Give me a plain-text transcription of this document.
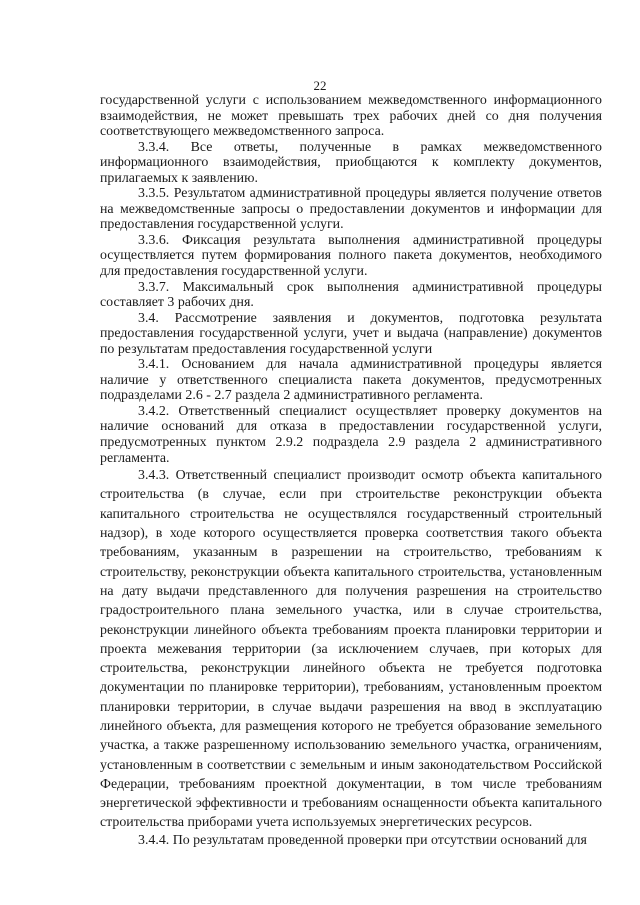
22

государственной услуги с использованием межведомственного информационного взаимодействия, не может превышать трех рабочих дней со дня получения соответствующего межведомственного запроса.

3.3.4. Все ответы, полученные в рамках межведомственного информационного взаимодействия, приобщаются к комплекту документов, прилагаемых к заявлению.

3.3.5. Результатом административной процедуры является получение ответов на межведомственные запросы о предоставлении документов и информации для предоставления государственной услуги.

3.3.6. Фиксация результата выполнения административной процедуры осуществляется путем формирования полного пакета документов, необходимого для предоставления государственной услуги.

3.3.7. Максимальный срок выполнения административной процедуры составляет 3 рабочих дня.

3.4. Рассмотрение заявления и документов, подготовка результата предоставления государственной услуги, учет и выдача (направление) документов по результатам предоставления государственной услуги

3.4.1. Основанием для начала административной процедуры является наличие у ответственного специалиста пакета документов, предусмотренных подразделами 2.6 - 2.7 раздела 2 административного регламента.

3.4.2. Ответственный специалист осуществляет проверку документов на наличие оснований для отказа в предоставлении государственной услуги, предусмотренных пунктом 2.9.2 подраздела 2.9 раздела 2 административного регламента.

3.4.3. Ответственный специалист производит осмотр объекта капитального строительства (в случае, если при строительстве реконструкции объекта капитального строительства не осуществлялся государственный строительный надзор), в ходе которого осуществляется проверка соответствия такого объекта требованиям, указанным в разрешении на строительство, требованиям к строительству, реконструкции объекта капитального строительства, установленным на дату выдачи представленного для получения разрешения на строительство градостроительного плана земельного участка, или в случае строительства, реконструкции линейного объекта требованиям проекта планировки территории и проекта межевания территории (за исключением случаев, при которых для строительства, реконструкции линейного объекта не требуется подготовка документации по планировке территории), требованиям, установленным проектом планировки территории, в случае выдачи разрешения на ввод в эксплуатацию линейного объекта, для размещения которого не требуется образование земельного участка, а также разрешенному использованию земельного участка, ограничениям, установленным в соответствии с земельным и иным законодательством Российской Федерации, требованиям проектной документации, в том числе требованиям энергетической эффективности и требованиям оснащенности объекта капитального строительства приборами учета используемых энергетических ресурсов.

3.4.4. По результатам проведенной проверки при отсутствии оснований для
